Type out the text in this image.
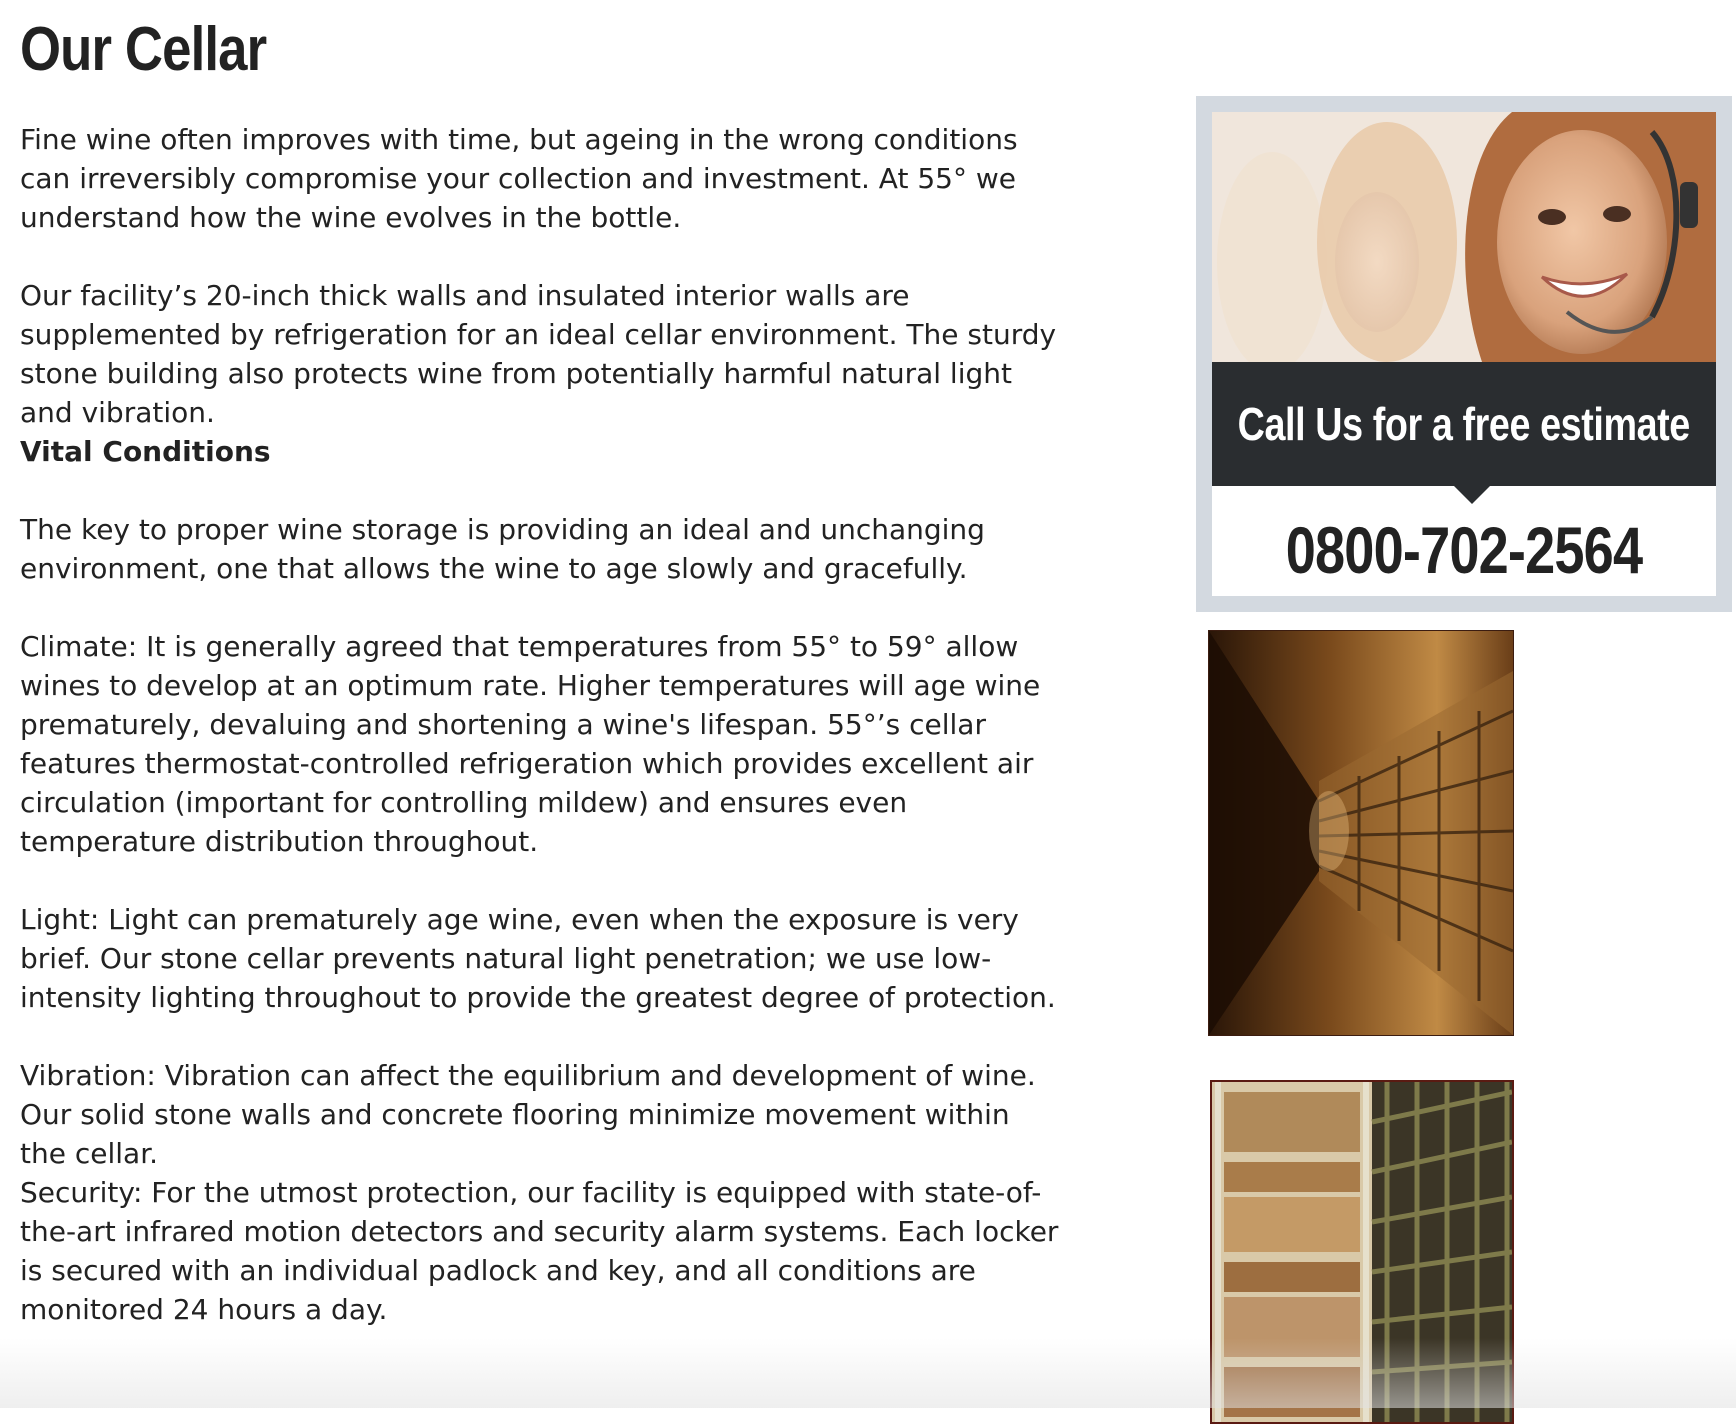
Our Cellar

Fine wine often improves with time, but ageing in the wrong conditions can irreversibly compromise your collection and investment. At 55° we understand how the wine evolves in the bottle.

Our facility’s 20-inch thick walls and insulated interior walls are supplemented by refrigeration for an ideal cellar environment. The sturdy stone building also protects wine from potentially harmful natural light and vibration.

Vital Conditions

The key to proper wine storage is providing an ideal and unchanging environment, one that allows the wine to age slowly and gracefully.

Climate: It is generally agreed that temperatures from 55° to 59° allow wines to develop at an optimum rate. Higher temperatures will age wine prematurely, devaluing and shortening a wine's lifespan. 55°’s cellar features thermostat-controlled refrigeration which provides excellent air circulation (important for controlling mildew) and ensures even temperature distribution throughout.

Light: Light can prematurely age wine, even when the exposure is very brief. Our stone cellar prevents natural light penetration; we use low-intensity lighting throughout to provide the greatest degree of protection.

Vibration: Vibration can affect the equilibrium and development of wine. Our solid stone walls and concrete flooring minimize movement within the cellar.

Security: For the utmost protection, our facility is equipped with state-of-the-art infrared motion detectors and security alarm systems. Each locker is secured with an individual padlock and key, and all conditions are monitored 24 hours a day.

Call Us for a free estimate
0800-702-2564
